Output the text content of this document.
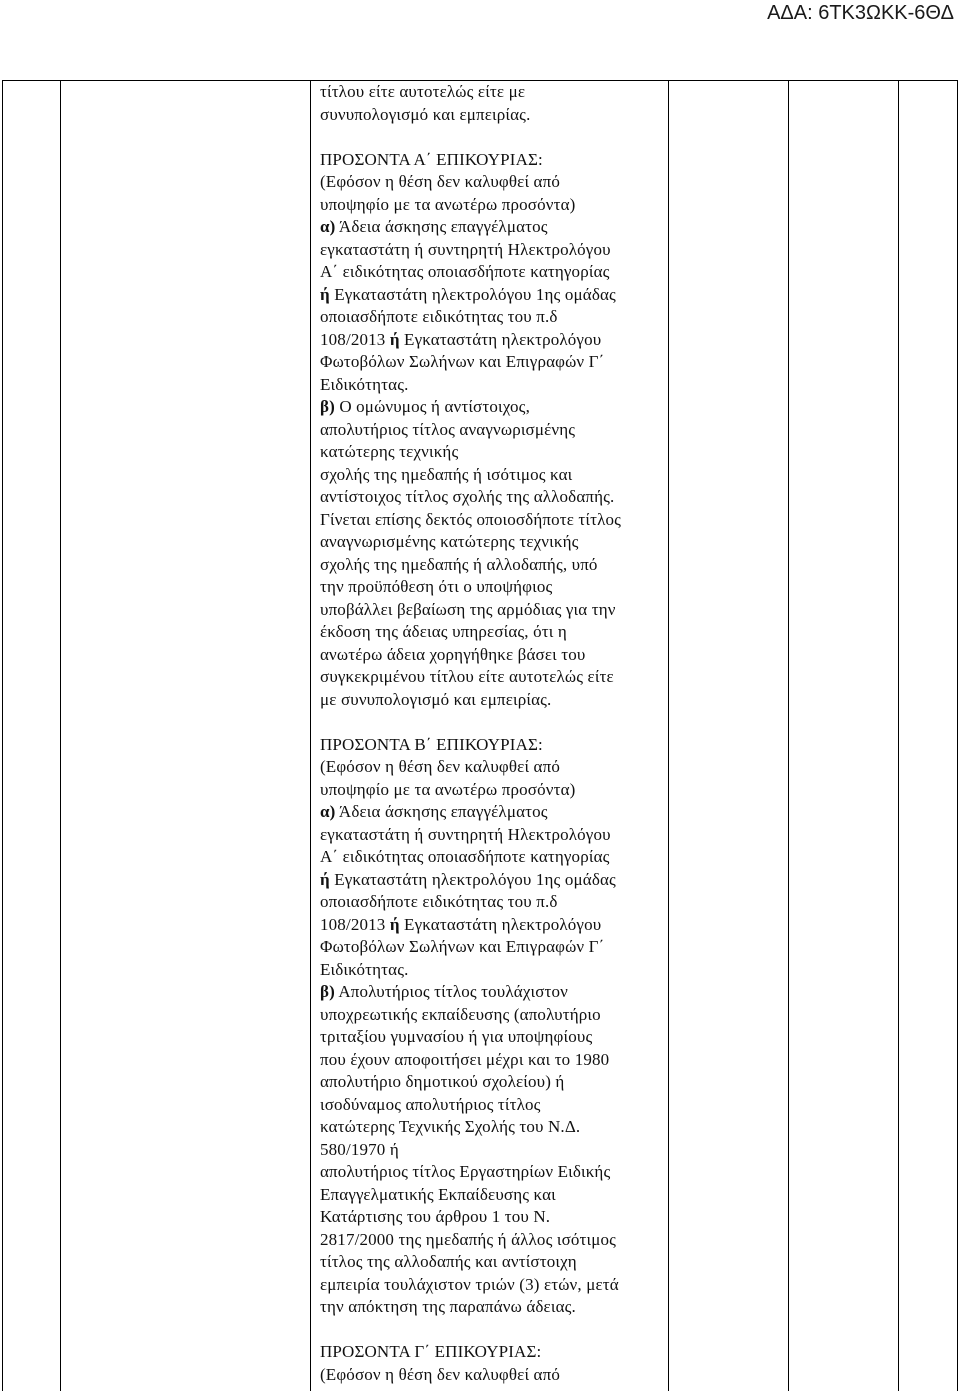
ΑΔΑ: 6ΤΚ3ΩΚΚ-6ΘΔ
τίτλου είτε αυτοτελώς είτε με
συνυπολογισμό και εμπειρίας.
ΠΡΟΣΟΝΤΑ Α΄ ΕΠΙΚΟΥΡΙΑΣ:
(Εφόσον η θέση δεν καλυφθεί από
υποψηφίο με τα ανωτέρω προσόντα)
α) Άδεια άσκησης επαγγέλματος
εγκαταστάτη ή συντηρητή Ηλεκτρολόγου
Α΄ ειδικότητας οποιασδήποτε κατηγορίας
ή Εγκαταστάτη ηλεκτρολόγου 1ης ομάδας
οποιασδήποτε ειδικότητας του π.δ
108/2013 ή Εγκαταστάτη ηλεκτρολόγου
Φωτοβόλων Σωλήνων και Επιγραφών Γ΄
Ειδικότητας.
β) Ο ομώνυμος ή αντίστοιχος,
απολυτήριος τίτλος αναγνωρισμένης
κατώτερης τεχνικής
σχολής της ημεδαπής ή ισότιμος και
αντίστοιχος τίτλος σχολής της αλλοδαπής.
Γίνεται επίσης δεκτός οποιοσδήποτε τίτλος
αναγνωρισμένης κατώτερης τεχνικής
σχολής της ημεδαπής ή αλλοδαπής, υπό
την προϋπόθεση ότι ο υποψήφιος
υποβάλλει βεβαίωση της αρμόδιας για την
έκδοση της άδειας υπηρεσίας, ότι η
ανωτέρω άδεια χορηγήθηκε βάσει του
συγκεκριμένου τίτλου είτε αυτοτελώς είτε
με συνυπολογισμό και εμπειρίας.
ΠΡΟΣΟΝΤΑ Β΄ ΕΠΙΚΟΥΡΙΑΣ:
(Εφόσον η θέση δεν καλυφθεί από
υποψηφίο με τα ανωτέρω προσόντα)
α) Άδεια άσκησης επαγγέλματος
εγκαταστάτη ή συντηρητή Ηλεκτρολόγου
Α΄ ειδικότητας οποιασδήποτε κατηγορίας
ή Εγκαταστάτη ηλεκτρολόγου 1ης ομάδας
οποιασδήποτε ειδικότητας του π.δ
108/2013 ή Εγκαταστάτη ηλεκτρολόγου
Φωτοβόλων Σωλήνων και Επιγραφών Γ΄
Ειδικότητας.
β) Απολυτήριος τίτλος τουλάχιστον
υποχρεωτικής εκπαίδευσης (απολυτήριο
τριταξίου γυμνασίου ή για υποψηφίους
που έχουν αποφοιτήσει μέχρι και το 1980
απολυτήριο δημοτικού σχολείου) ή
ισοδύναμος απολυτήριος τίτλος
κατώτερης Τεχνικής Σχολής του Ν.Δ.
580/1970 ή
απολυτήριος τίτλος Εργαστηρίων Ειδικής
Επαγγελματικής Εκπαίδευσης και
Κατάρτισης του άρθρου 1 του Ν.
2817/2000 της ημεδαπής ή άλλος ισότιμος
τίτλος της αλλοδαπής και αντίστοιχη
εμπειρία τουλάχιστον τριών (3) ετών, μετά
την απόκτηση της παραπάνω άδειας.
ΠΡΟΣΟΝΤΑ Γ΄ ΕΠΙΚΟΥΡΙΑΣ:
(Εφόσον η θέση δεν καλυφθεί από
